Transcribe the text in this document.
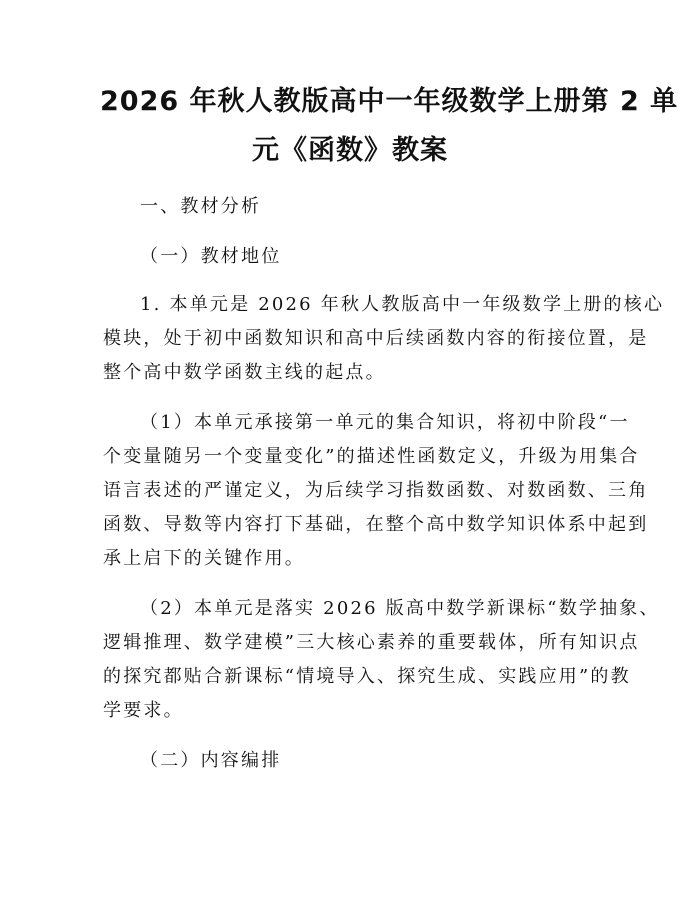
2026 年秋人教版高中一年级数学上册第 2 单
元《函数》教案
一、教材分析
（一）教材地位
1. 本单元是 2026 年秋人教版高中一年级数学上册的核心
模块，处于初中函数知识和高中后续函数内容的衔接位置，是
整个高中数学函数主线的起点。
（1）本单元承接第一单元的集合知识，将初中阶段“一
个变量随另一个变量变化”的描述性函数定义，升级为用集合
语言表述的严谨定义，为后续学习指数函数、对数函数、三角
函数、导数等内容打下基础，在整个高中数学知识体系中起到
承上启下的关键作用。
（2）本单元是落实 2026 版高中数学新课标“数学抽象、
逻辑推理、数学建模”三大核心素养的重要载体，所有知识点
的探究都贴合新课标“情境导入、探究生成、实践应用”的教
学要求。
（二）内容编排
